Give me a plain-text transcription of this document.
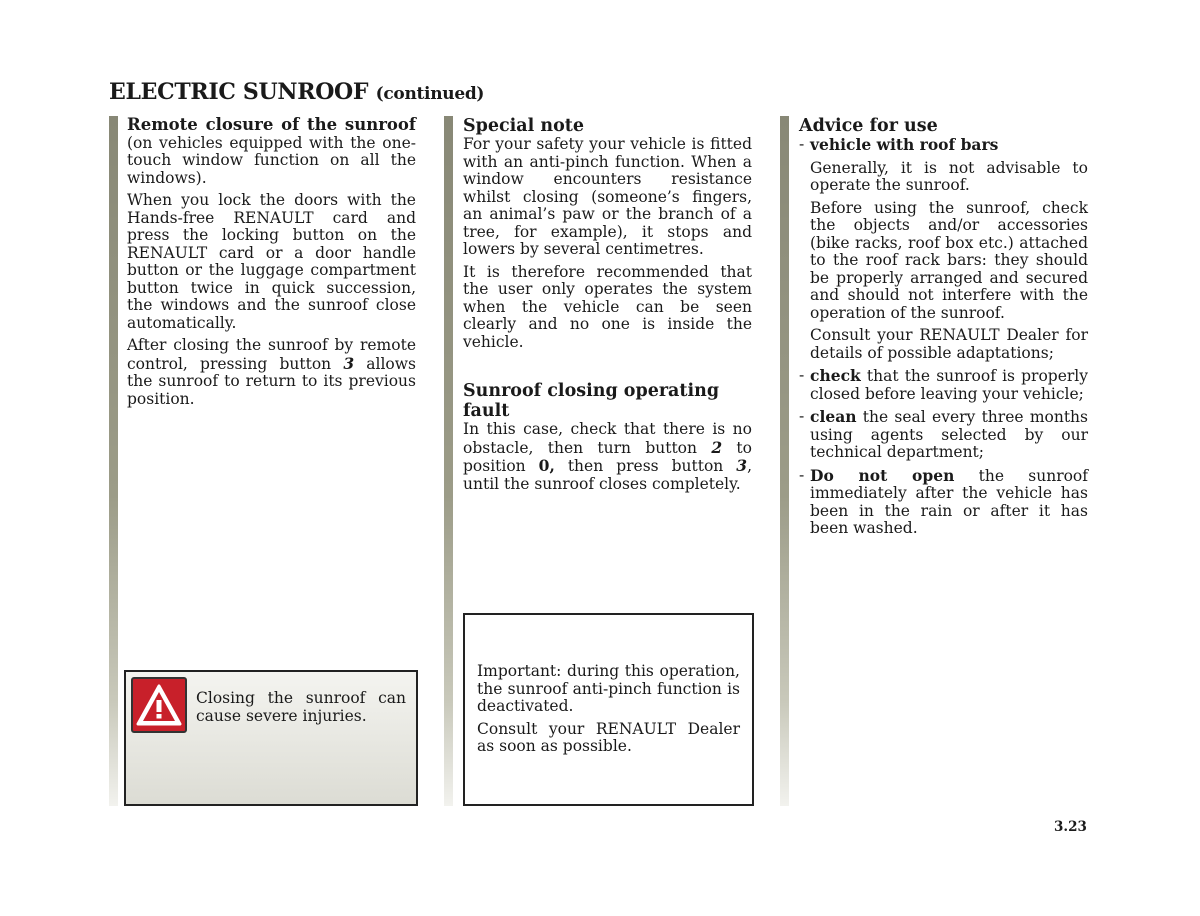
ELECTRIC SUNROOF (continued)

Remote closure of the sunroof (on vehicles equipped with the one-touch window function on all the windows).

When you lock the doors with the Hands-free RENAULT card and press the locking button on the RENAULT card or a door handle button or the luggage compartment button twice in quick succession, the windows and the sunroof close automatically.

After closing the sunroof by remote control, pressing button 3 allows the sunroof to return to its previous position.

Closing the sunroof can cause severe injuries.

Special note

For your safety your vehicle is fitted with an anti-pinch function. When a window encounters resistance whilst closing (someone’s fingers, an animal’s paw or the branch of a tree, for example), it stops and lowers by several centimetres.

It is therefore recommended that the user only operates the system when the vehicle can be seen clearly and no one is inside the vehicle.

Sunroof closing operating fault

In this case, check that there is no obstacle, then turn button 2 to position 0, then press button 3, until the sunroof closes completely.

Important: during this operation, the sunroof anti-pinch function is deactivated.

Consult your RENAULT Dealer as soon as possible.

Advice for use
- vehicle with roof bars

Generally, it is not advisable to operate the sunroof.

Before using the sunroof, check the objects and/or accessories (bike racks, roof box etc.) attached to the roof rack bars: they should be properly arranged and secured and should not interfere with the operation of the sunroof.

Consult your RENAULT Dealer for details of possible adaptations;

- check that the sunroof is properly closed before leaving your vehicle;
- clean the seal every three months using agents selected by our technical department;
- Do not open the sunroof immediately after the vehicle has been in the rain or after it has been washed.
3.23
